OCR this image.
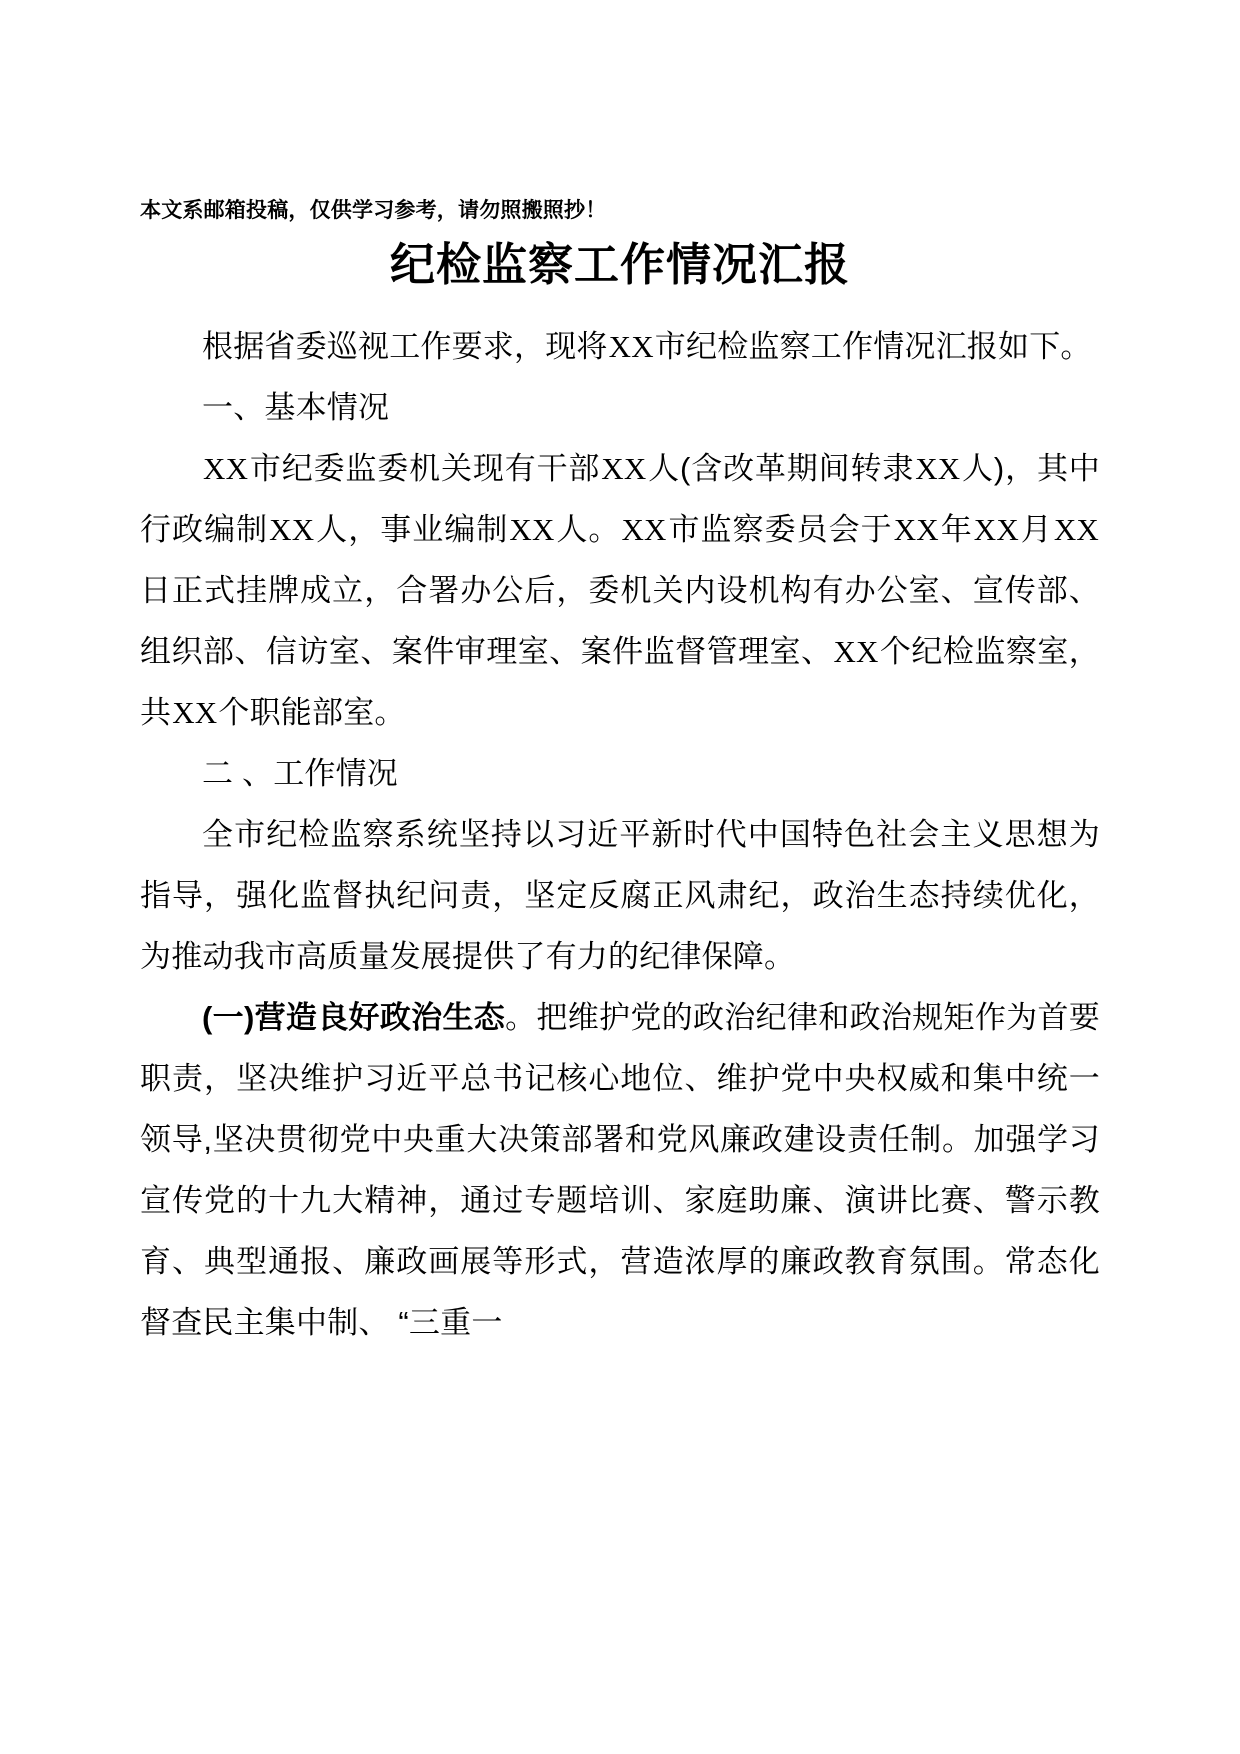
本文系邮箱投稿，仅供学习参考，请勿照搬照抄！

纪检监察工作情况汇报

根据省委巡视工作要求，现将XX市纪检监察工作情况汇报如下。

一、基本情况

XX市纪委监委机关现有干部XX人(含改革期间转隶XX人)，其中行政编制XX人，事业编制XX人。XX市监察委员会于XX年XX月XX日正式挂牌成立，合署办公后，委机关内设机构有办公室、宣传部、组织部、信访室、案件审理室、案件监督管理室、XX个纪检监察室，共XX个职能部室。

二 、工作情况

全市纪检监察系统坚持以习近平新时代中国特色社会主义思想为指导，强化监督执纪问责，坚定反腐正风肃纪，政治生态持续优化，为推动我市高质量发展提供了有力的纪律保障。

(一)营造良好政治生态。把维护党的政治纪律和政治规矩作为首要职责，坚决维护习近平总书记核心地位、维护党中央权威和集中统一 领导,坚决贯彻党中央重大决策部署和党风廉政建设责任制。加强学习宣传党的十九大精神，通过专题培训、家庭助廉、演讲比赛、警示教育、典型通报、廉政画展等形式，营造浓厚的廉政教育氛围。常态化督查民主集中制、 “三重一
